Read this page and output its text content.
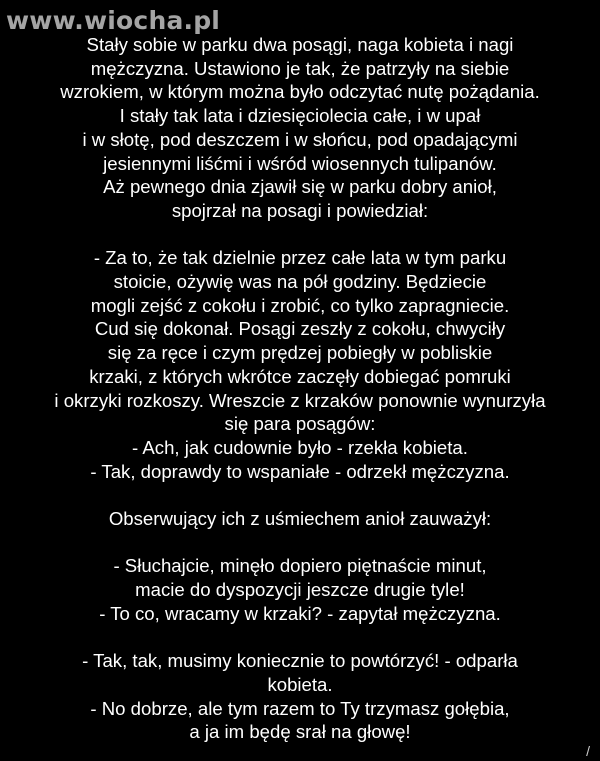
www.wiocha.pl
Stały sobie w parku dwa posągi, naga kobieta i nagi
mężczyzna. Ustawiono je tak, że patrzyły na siebie
wzrokiem, w którym można było odczytać nutę pożądania.
I stały tak lata i dziesięciolecia całe, i w upał
i w słotę, pod deszczem i w słońcu, pod opadającymi
jesiennymi liśćmi i wśród wiosennych tulipanów.
Aż pewnego dnia zjawił się w parku dobry anioł,
spojrzał na posagi i powiedział:
- Za to, że tak dzielnie przez całe lata w tym parku
stoicie, ożywię was na pół godziny. Będziecie
mogli zejść z cokołu i zrobić, co tylko zapragniecie.
Cud się dokonał. Posągi zeszły z cokołu, chwyciły
się za ręce i czym prędzej pobiegły w pobliskie
krzaki, z których wkrótce zaczęły dobiegać pomruki
i okrzyki rozkoszy. Wreszcie z krzaków ponownie wynurzyła
się para posągów:
- Ach, jak cudownie było - rzekła kobieta.
- Tak, doprawdy to wspaniałe - odrzekł mężczyzna.
Obserwujący ich z uśmiechem anioł zauważył:
- Słuchajcie, minęło dopiero piętnaście minut,
macie do dyspozycji jeszcze drugie tyle!
- To co, wracamy w krzaki? - zapytał mężczyzna.
- Tak, tak, musimy koniecznie to powtórzyć! - odparła
kobieta.
- No dobrze, ale tym razem to Ty trzymasz gołębia,
a ja im będę srał na głowę!
/
